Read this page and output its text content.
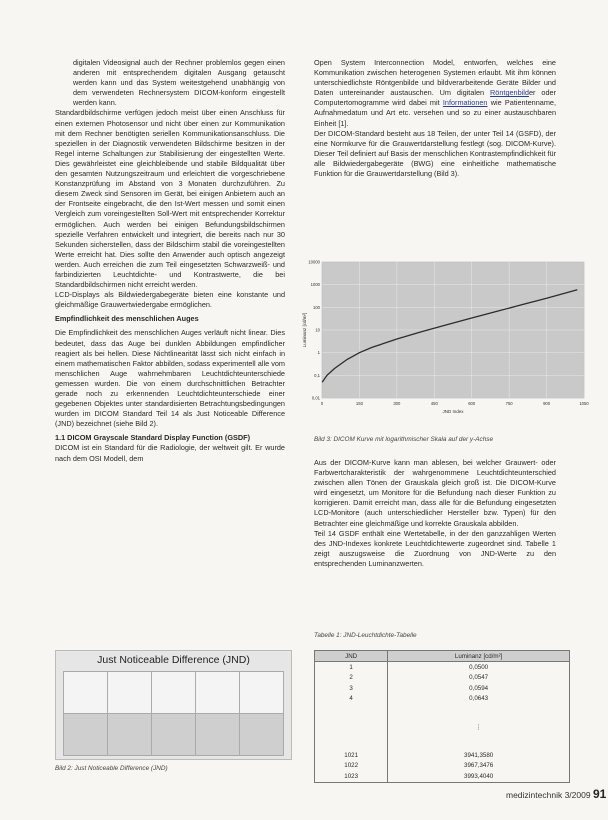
digitalen Videosignal auch der Rechner problemlos gegen einen anderen mit entsprechendem digitalen Ausgang getauscht werden kann und das System weitestgehend unabhängig von dem verwendeten Rechnersystem DICOM-konform eingestellt werden kann.

Standardbildschirme verfügen jedoch meist über einen Anschluss für einen externen Photosensor und nicht über einen zur Kommunikation mit dem Rechner benötigten seriellen Kommunikationsanschluss. Die speziellen in der Diagnostik verwendeten Bildschirme besitzen in der Regel interne Schaltungen zur Stabilisierung der eingestellten Werte. Dies gewährleistet eine gleichbleibende und stabile Bildqualität über den gesamten Nutzungszeitraum und erleichtert die vorgeschriebene Konstanzprüfung im Abstand von 3 Monaten durchzuführen. Zu diesem Zweck sind Sensoren im Gerät, bei einigen Anbietern auch an der Frontseite eingebracht, die den Ist-Wert messen und somit einen Vergleich zum voreingestellten Soll-Wert mit entsprechender Korrektur ermöglichen. Auch werden bei einigen Befundungsbildschirmen spezielle Verfahren entwickelt und integriert, die bereits nach nur 30 Sekunden sicherstellen, dass der Bildschirm stabil die voreingestellten Werte erreicht hat. Dies sollte den Anwender auch optisch angezeigt werden. Auch erreichen die zum Teil eingesetzten Schwarzweiß- und farbindizierten Leuchtdichte- und Kontrastwerte, die bei Standardbildschirmen nicht erreicht werden.

LCD-Displays als Bildwiedergabegeräte bieten eine konstante und gleichmäßige Grauwertwiedergabe ermöglichen.

Empfindlichkeit des menschlichen Auges

Die Empfindlichkeit des menschlichen Auges verläuft nicht linear. Dies bedeutet, dass das Auge bei dunklen Abbildungen empfindlicher reagiert als bei hellen. Diese Nichtlinearität lässt sich nicht einfach in einem mathematischen Faktor abbilden, sodass experimentell alle vom menschlichen Auge wahrnehmbaren Leuchtdichteunterschiede gemessen wurden. Die von einem durchschnittlichen Betrachter gerade noch zu erkennenden Leuchtdichteunterschiede einer gegebenen Objektes unter standardisierten Betrachtungsbedingungen wurden im DICOM Standard Teil 14 als Just Noticeable Difference (JND) bezeichnet (siehe Bild 2).

1.1 DICOM Grayscale Standard Display Function (GSDF)

DICOM ist ein Standard für die Radiologie, der weltweit gilt. Er wurde nach dem OSI Modell, dem

Open System Interconnection Model, entworfen, welches eine Kommunikation zwischen heterogenen Systemen erlaubt. Mit ihm können unterschiedlichste Röntgenbilde und bildverarbeitende Geräte Bilder und Daten untereinander austauschen. Um digitalen Röntgenbilder oder Computertomogramme wird dabei mit Informationen wie Patientenname, Aufnahmedatum und Art etc. versehen und so zu einer austauschbaren Einheit [1].

Der DICOM-Standard besteht aus 18 Teilen, der unter Teil 14 (GSFD), der eine Normkurve für die Grauwertdarstellung festlegt (sog. DICOM-Kurve). Dieser Teil definiert auf Basis der menschlichen Kontrastempfindlichkeit für alle Bildwiedergabegeräte (BWG) eine einheitliche mathematische Funktion für die Grauwertdarstellung (Bild 3).

0	150	300	450	600	750	900	1050
0,01
0,1
1
10
100
1000
10000
JND Index
Luminanz [cd/m²]
Bild 3: DICOM Kurve mit logarithmischer Skala auf der y-Achse

Aus der DICOM-Kurve kann man ablesen, bei welcher Grauwert- oder Farbwertcharakteristik der wahrgenommene Leuchtdichteunterschied zwischen allen Tönen der Grauskala gleich groß ist. Die DICOM-Kurve wird eingesetzt, um Monitore für die Befundung nach dieser Funktion zu korrigieren. Damit erreicht man, dass alle für die Befundung eingesetzten LCD-Monitore (auch unterschiedlicher Hersteller bzw. Typen) für den Betrachter eine gleichmäßige und korrekte Grauskala abbilden.

Teil 14 GSDF enthält eine Wertetabelle, in der den ganzzahligen Werten des JND-Indexes konkrete Leuchtdichtewerte zugeordnet sind. Tabelle 1 zeigt auszugsweise die Zuordnung von JND-Werte zu den entsprechenden Luminanzwerten.

Tabelle 1: JND-Leuchtdichte-Tabelle
JND	Luminanz [cd/m²]
1	0,0500
2	0,0547
3	0,0594
4	0,0643
	⋮
1021	3941,3580
1022	3967,3476
1023	3993,4040
Just Noticeable Difference (JND)
Bild 2: Just Noticeable Difference (JND)
medizintechnik 3/2009 91
